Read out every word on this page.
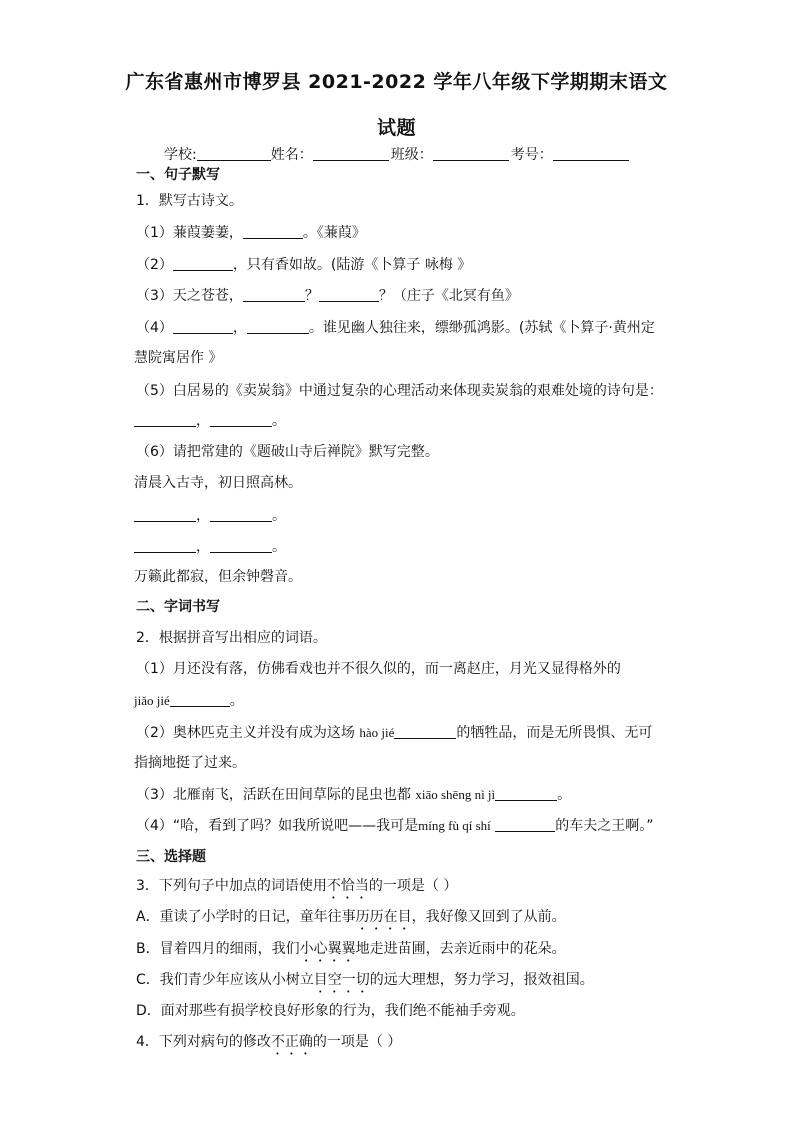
广东省惠州市博罗县 2021-2022 学年八年级下学期期末语文
试题
学校:	姓名：	班级：	考号：
一、句子默写
1．默写古诗文。
（1）蒹葭萋萋，	。《蒹葭》
（2）	，只有香如故。(陆游《卜算子 咏梅 》
（3）天之苍苍，	？	？（庄子《北冥有鱼》
（4）	，	。谁见幽人独往来，缥缈孤鸿影。(苏轼《卜算子·黄州定
慧院寓居作 》
（5）白居易的《卖炭翁》中通过复杂的心理活动来体现卖炭翁的艰难处境的诗句是：
，	。
（6）请把常建的《题破山寺后禅院》默写完整。
清晨入古寺，初日照高林。
，	。
，	。
万籁此都寂，但余钟磬音。
二、字词书写
2．根据拼音写出相应的词语。
（1）月还没有落，仿佛看戏也并不很久似的，而一离赵庄，月光又显得格外的
jiǎo jié	。
（2）奥林匹克主义并没有成为这场 hào jié	的牺牲品，而是无所畏惧、无可
指摘地挺了过来。
（3）北雁南飞，活跃在田间草际的昆虫也都 xiāo shēng nì jì	。
（4）“哈，看到了吗？如我所说吧——我可是míng fù qí shí	的车夫之王啊。”
三、选择题
3．下列句子中加点的词语使用不恰当的一项是（ ）
A．重读了小学时的日记，童年往事历历在目，我好像又回到了从前。
B．冒着四月的细雨，我们小心翼翼地走进苗圃，去亲近雨中的花朵。
C．我们青少年应该从小树立目空一切的远大理想，努力学习，报效祖国。
D．面对那些有损学校良好形象的行为，我们绝不能袖手旁观。
4．下列对病句的修改不正确的一项是（ ）
